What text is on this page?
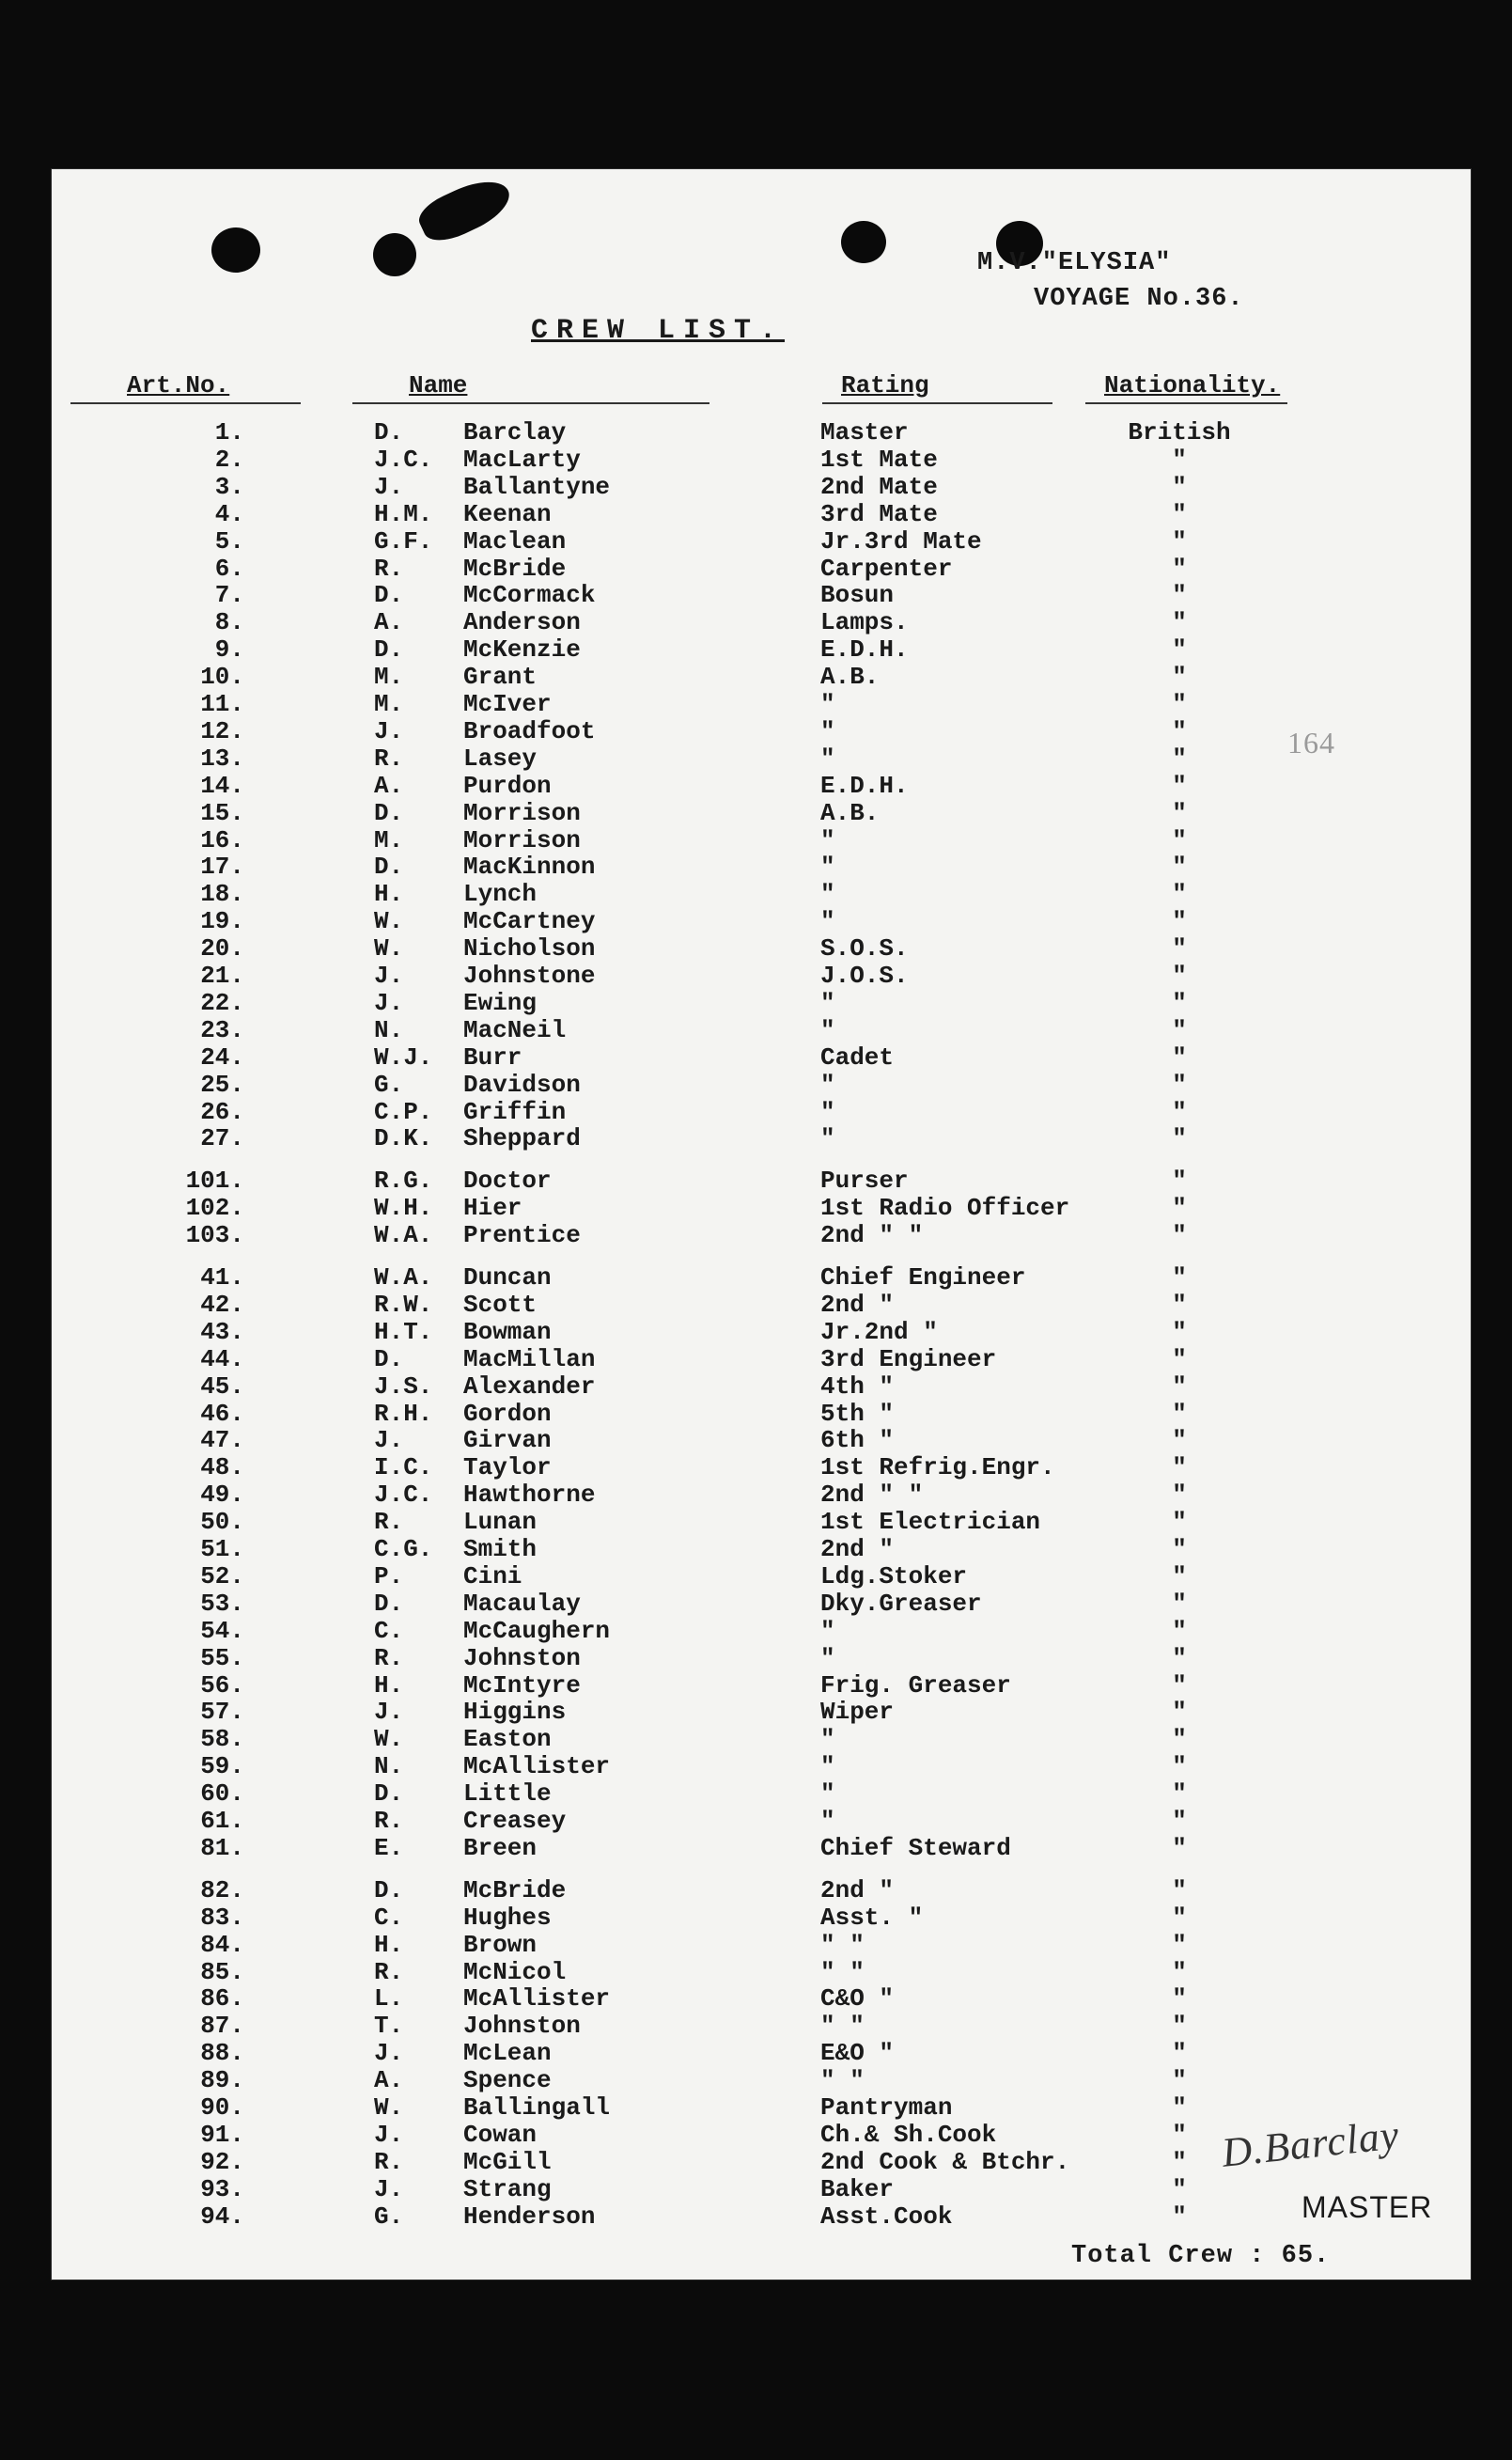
M.V."ELYSIA"
VOYAGE No.36.
CREW LIST.
Art.No.	Name	Rating	Nationality.
1.	D. Barclay	Master	British
2.	J.C. MacLarty	1st Mate	"
3.	J. Ballantyne	2nd Mate	"
4.	H.M. Keenan	3rd Mate	"
5.	G.F. Maclean	Jr.3rd Mate	"
6.	R. McBride	Carpenter	"
7.	D. McCormack	Bosun	"
8.	A. Anderson	Lamps.	"
9.	D. McKenzie	E.D.H.	"
10.	M. Grant	A.B.	"
11.	M. McIver	"	"
12.	J. Broadfoot	"	"
13.	R. Lasey	"	"
14.	A. Purdon	E.D.H.	"
15.	D. Morrison	A.B.	"
16.	M. Morrison	"	"
17.	D. MacKinnon	"	"
18.	H. Lynch	"	"
19.	W. McCartney	"	"
20.	W. Nicholson	S.O.S.	"
21.	J. Johnstone	J.O.S.	"
22.	J. Ewing	"	"
23.	N. MacNeil	"	"
24.	W.J. Burr	Cadet	"
25.	G. Davidson	"	"
26.	C.P. Griffin	"	"
27.	D.K. Sheppard	"	"
101.	R.G. Doctor	Purser	"
102.	W.H. Hier	1st Radio Officer	"
103.	W.A. Prentice	2nd " "	"
41.	W.A. Duncan	Chief Engineer	"
42.	R.W. Scott	2nd "	"
43.	H.T. Bowman	Jr.2nd "	"
44.	D. MacMillan	3rd Engineer	"
45.	J.S. Alexander	4th "	"
46.	R.H. Gordon	5th "	"
47.	J. Girvan	6th "	"
48.	I.C. Taylor	1st Refrig.Engr.	"
49.	J.C. Hawthorne	2nd " "	"
50.	R. Lunan	1st Electrician	"
51.	C.G. Smith	2nd "	"
52.	P. Cini	Ldg.Stoker	"
53.	D. Macaulay	Dky.Greaser	"
54.	C. McCaughern	"	"
55.	R. Johnston	"	"
56.	H. McIntyre	Frig. Greaser	"
57.	J. Higgins	Wiper	"
58.	W. Easton	"	"
59.	N. McAllister	"	"
60.	D. Little	"	"
61.	R. Creasey	"	"
81.	E. Breen	Chief Steward	"
82.	D. McBride	2nd "	"
83.	C. Hughes	Asst. "	"
84.	H. Brown	" "	"
85.	R. McNicol	" "	"
86.	L. McAllister	C&O "	"
87.	T. Johnston	" "	"
88.	J. McLean	E&O "	"
89.	A. Spence	" "	"
90.	W. Ballingall	Pantryman	"
91.	J. Cowan	Ch.& Sh.Cook	"
92.	R. McGill	2nd Cook & Btchr.	"
93.	J. Strang	Baker	"
94.	G. Henderson	Asst.Cook	"
164
D.Barclay
MASTER
Total Crew : 65.
